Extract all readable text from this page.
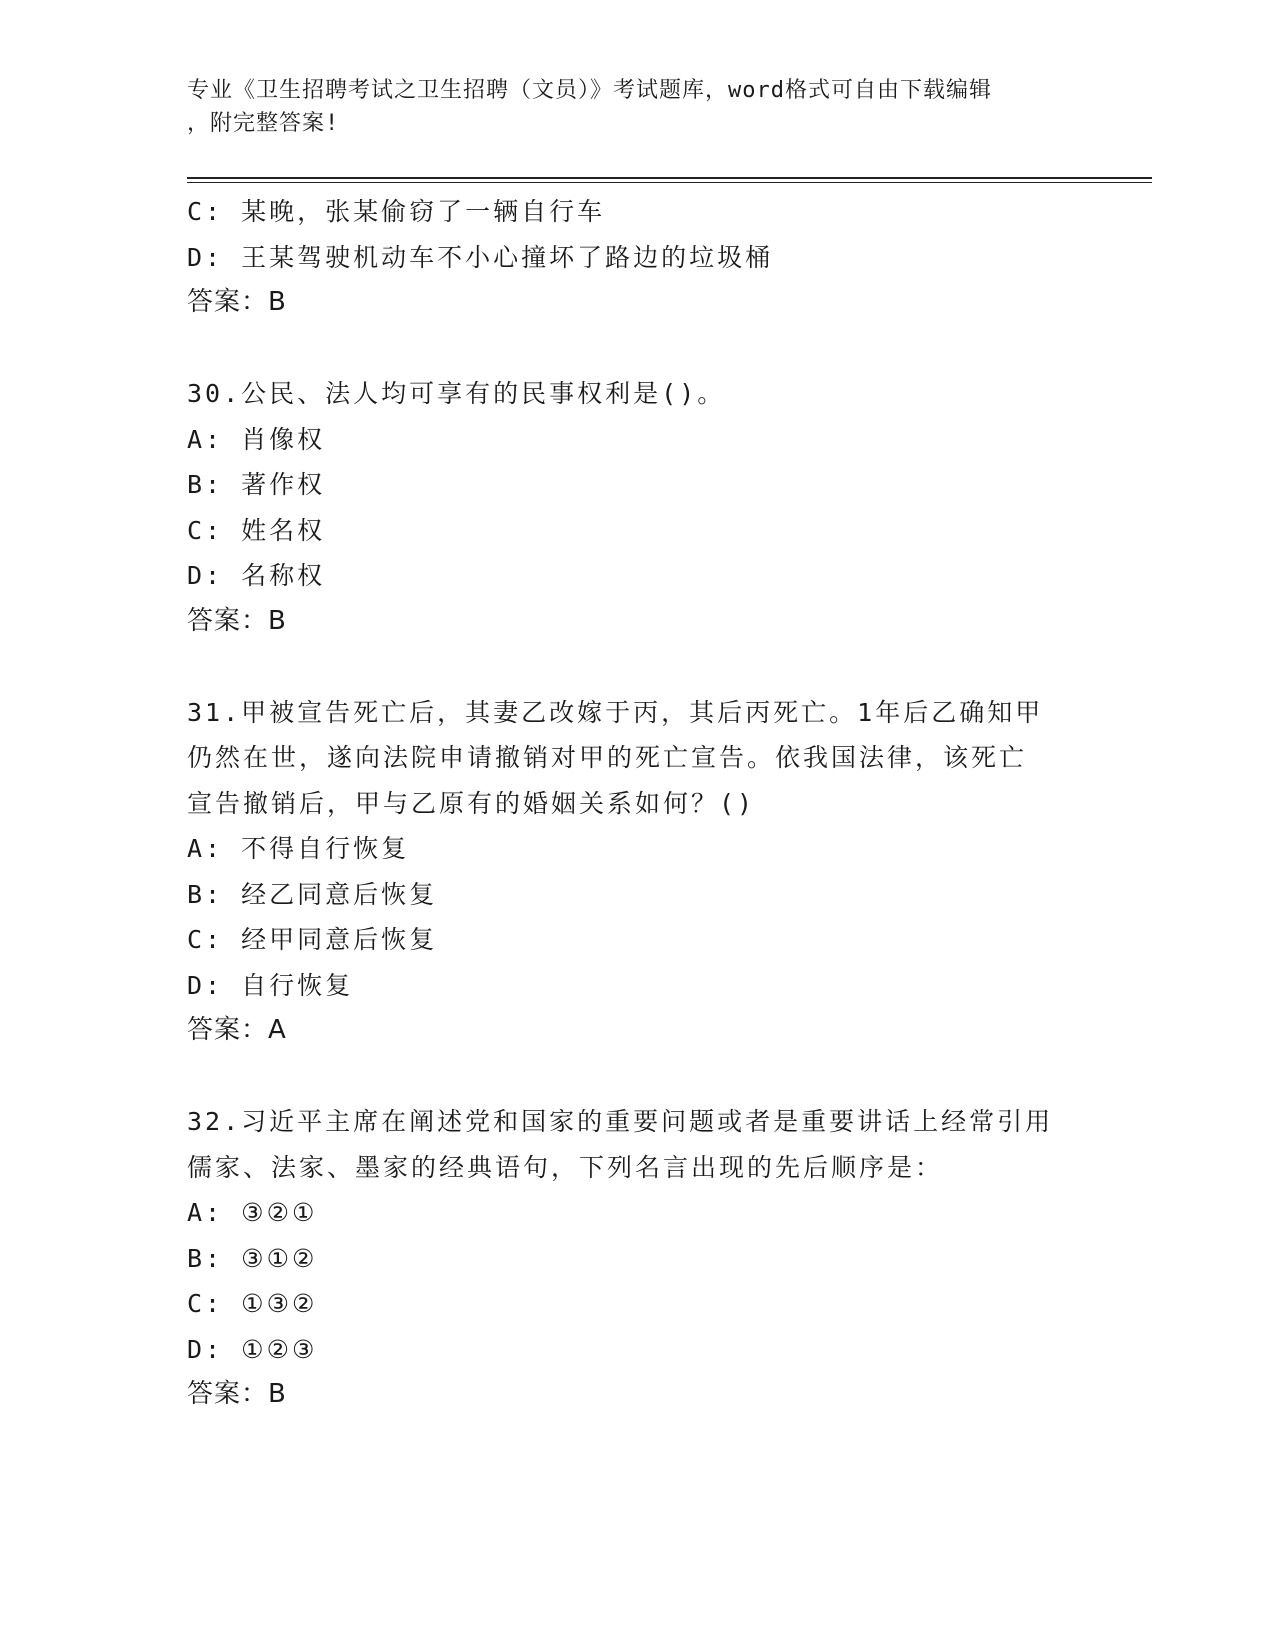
专业《卫生招聘考试之卫生招聘（文员）》考试题库，word格式可自由下载编辑
，附完整答案!
C: 某晚，张某偷窃了一辆自行车
D: 王某驾驶机动车不小心撞坏了路边的垃圾桶
答案：B
30.公民、法人均可享有的民事权利是()。
A: 肖像权
B: 著作权
C: 姓名权
D: 名称权
答案：B
31.甲被宣告死亡后，其妻乙改嫁于丙，其后丙死亡。1年后乙确知甲
仍然在世，遂向法院申请撤销对甲的死亡宣告。依我国法律，该死亡
宣告撤销后，甲与乙原有的婚姻关系如何？()
A: 不得自行恢复
B: 经乙同意后恢复
C: 经甲同意后恢复
D: 自行恢复
答案：A
32.习近平主席在阐述党和国家的重要问题或者是重要讲话上经常引用
儒家、法家、墨家的经典语句，下列名言出现的先后顺序是：
A: ③②①
B: ③①②
C: ①③②
D: ①②③
答案：B
